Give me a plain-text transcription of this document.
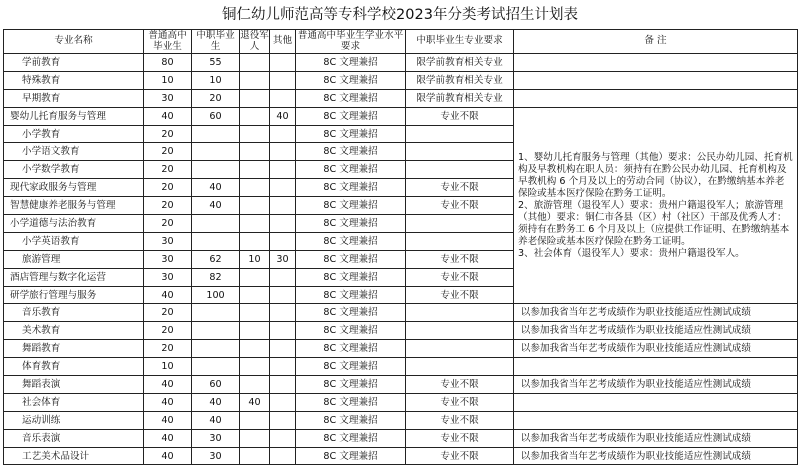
铜仁幼儿师范高等专科学校2023年分类考试招生计划表
专业名称	普通高中毕业生	中职毕业生	退役军人	其他	普通高中毕业生学业水平要求	中职毕业生专业要求	备 注
学前教育	80	55			8C 文理兼招	限学前教育相关专业	
特殊教育	10	10			8C 文理兼招	限学前教育相关专业	
早期教育	30	20			8C 文理兼招	限学前教育相关专业	
婴幼儿托育服务与管理	40	60		40	8C 文理兼招	专业不限	1、婴幼儿托育服务与管理（其他）要求：公民办幼儿园、托育机构及早教机构在职人员：须持有在黔公民办幼儿园、托育机构及早教机构 6 个月及以上的劳动合同（协议），在黔缴纳基本养老保险或基本医疗保险在黔务工证明。

2、旅游管理（退役军人）要求：贵州户籍退役军人；旅游管理（其他）要求：铜仁市各县（区）村（社区）干部及优秀人才：须持有在黔务工 6 个月及以上（应提供工作证明、在黔缴纳基本养老保险或基本医疗保险在黔务工证明。

3、社会体育（退役军人）要求：贵州户籍退役军人。

小学教育	20				8C 文理兼招		
小学语文教育	20				8C 文理兼招		
小学数学教育	20				8C 文理兼招		
现代家政服务与管理	20	40			8C 文理兼招	专业不限	
智慧健康养老服务与管理	20	40			8C 文理兼招	专业不限	
小学道德与法治教育	20				8C 文理兼招		
小学英语教育	30				8C 文理兼招		
旅游管理	30	62	10	30	8C 文理兼招	专业不限	
酒店管理与数字化运营	30	82			8C 文理兼招	专业不限	
研学旅行管理与服务	40	100			8C 文理兼招	专业不限	
音乐教育	20				8C 文理兼招		以参加我省当年艺考成绩作为职业技能适应性测试成绩
美术教育	20				8C 文理兼招		以参加我省当年艺考成绩作为职业技能适应性测试成绩
舞蹈教育	20				8C 文理兼招		以参加我省当年艺考成绩作为职业技能适应性测试成绩
体育教育	10				8C 文理兼招		
舞蹈表演	40	60			8C 文理兼招	专业不限	以参加我省当年艺考成绩作为职业技能适应性测试成绩
社会体育	40	40	40		8C 文理兼招	专业不限	
运动训练	40	40			8C 文理兼招	专业不限	
音乐表演	40	30			8C 文理兼招	专业不限	以参加我省当年艺考成绩作为职业技能适应性测试成绩
工艺美术品设计	40	30			8C 文理兼招	专业不限	以参加我省当年艺考成绩作为职业技能适应性测试成绩
